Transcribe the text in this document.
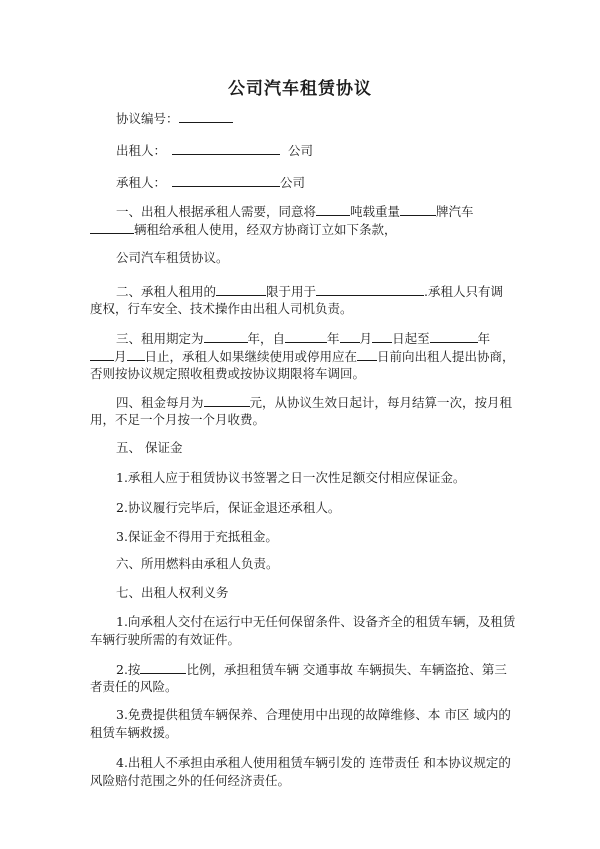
公司汽车租赁协议
协议编号：
出租人：	公司
承租人：	公司
一、出租人根据承租人需要，同意将	吨载重量	牌汽车
辆租给承租人使用，经双方协商订立如下条款，
公司汽车租赁协议。
二、承租人租用的	限于用于	.承租人只有调
度权，行车安全、技术操作由出租人司机负责。
三、租用期定为	年，自	年 月 日起至	年
月 日止，承租人如果继续使用或停用应在 日前向出租人提出协商，
否则按协议规定照收租费或按协议期限将车调回。
四、租金每月为	元，从协议生效日起计，每月结算一次，按月租
用，不足一个月按一个月收费。
五、 保证金
1.承租人应于租赁协议书签署之日一次性足额交付相应保证金。
2.协议履行完毕后，保证金退还承租人。
3.保证金不得用于充抵租金。
六、所用燃料由承租人负责。
七、出租人权利义务
1.向承租人交付在运行中无任何保留条件、设备齐全的租赁车辆，及租赁
车辆行驶所需的有效证件。
2.按	比例，承担租赁车辆 交通事故 车辆损失、车辆盗抢、第三
者责任的风险。
3.免费提供租赁车辆保养、合理使用中出现的故障维修、本 市区 域内的
租赁车辆救援。
4.出租人不承担由承租人使用租赁车辆引发的 连带责任 和本协议规定的
风险赔付范围之外的任何经济责任。
